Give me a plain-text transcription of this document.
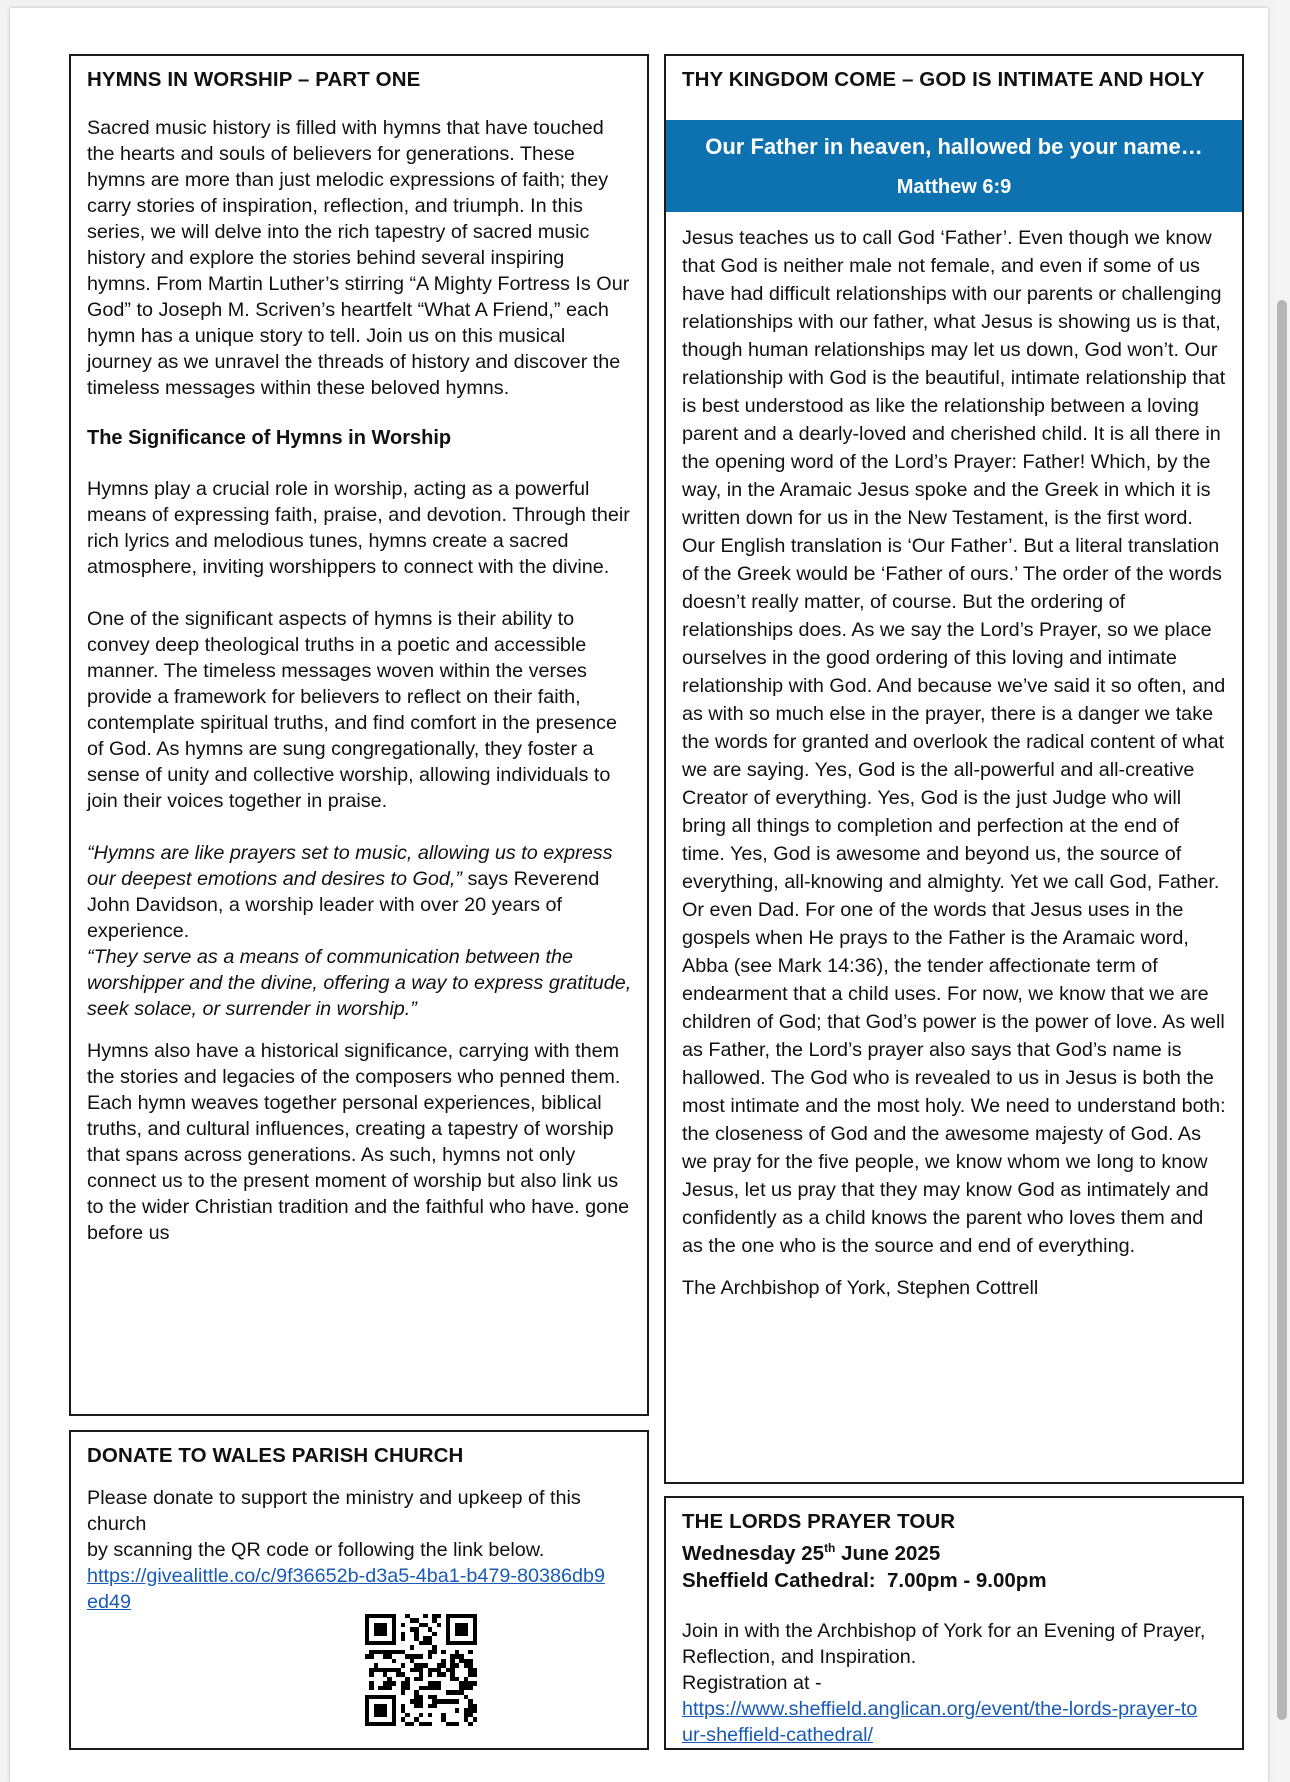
HYMNS IN WORSHIP – PART ONE

Sacred music history is filled with hymns that have touched the hearts and souls of believers for generations. These hymns are more than just melodic expressions of faith; they carry stories of inspiration, reflection, and triumph. In this series, we will delve into the rich tapestry of sacred music history and explore the stories behind several inspiring hymns. From Martin Luther’s stirring “A Mighty Fortress Is Our God” to Joseph M. Scriven’s heartfelt “What A Friend,” each hymn has a unique story to tell. Join us on this musical journey as we unravel the threads of history and discover the timeless messages within these beloved hymns.

The Significance of Hymns in Worship

Hymns play a crucial role in worship, acting as a powerful means of expressing faith, praise, and devotion. Through their rich lyrics and melodious tunes, hymns create a sacred atmosphere, inviting worshippers to connect with the divine.

One of the significant aspects of hymns is their ability to convey deep theological truths in a poetic and accessible manner. The timeless messages woven within the verses provide a framework for believers to reflect on their faith, contemplate spiritual truths, and find comfort in the presence of God. As hymns are sung congregationally, they foster a sense of unity and collective worship, allowing individuals to join their voices together in praise.

“Hymns are like prayers set to music, allowing us to express our deepest emotions and desires to God,” says Reverend John Davidson, a worship leader with over 20 years of experience.

“They serve as a means of communication between the worshipper and the divine, offering a way to express gratitude, seek solace, or surrender in worship.”

Hymns also have a historical significance, carrying with them the stories and legacies of the composers who penned them. Each hymn weaves together personal experiences, biblical truths, and cultural influences, creating a tapestry of worship that spans across generations. As such, hymns not only connect us to the present moment of worship but also link us to the wider Christian tradition and the faithful who have. gone before us

DONATE TO WALES PARISH CHURCH

Please donate to support the ministry and upkeep of this church

by scanning the QR code or following the link below.

https://givealittle.co/c/9f36652b-d3a5-4ba1-b479-80386db9ed49

THY KINGDOM COME – GOD IS INTIMATE AND HOLY
Our Father in heaven, hallowed be your name…
Matthew 6:9

Jesus teaches us to call God ‘Father’. Even though we know that God is neither male not female, and even if some of us have had difficult relationships with our parents or challenging relationships with our father, what Jesus is showing us is that, though human relationships may let us down, God won’t. Our relationship with God is the beautiful, intimate relationship that is best understood as like the relationship between a loving parent and a dearly-loved and cherished child. It is all there in the opening word of the Lord’s Prayer: Father! Which, by the way, in the Aramaic Jesus spoke and the Greek in which it is written down for us in the New Testament, is the first word. Our English translation is ‘Our Father’. But a literal translation of the Greek would be ‘Father of ours.’ The order of the words doesn’t really matter, of course. But the ordering of relationships does. As we say the Lord’s Prayer, so we place ourselves in the good ordering of this loving and intimate relationship with God. And because we’ve said it so often, and as with so much else in the prayer, there is a danger we take the words for granted and overlook the radical content of what we are saying. Yes, God is the all-powerful and all-creative Creator of everything. Yes, God is the just Judge who will bring all things to completion and perfection at the end of time. Yes, God is awesome and beyond us, the source of everything, all-knowing and almighty. Yet we call God, Father. Or even Dad. For one of the words that Jesus uses in the gospels when He prays to the Father is the Aramaic word, Abba (see Mark 14:36), the tender affectionate term of endearment that a child uses. For now, we know that we are children of God; that God’s power is the power of love. As well as Father, the Lord’s prayer also says that God’s name is hallowed. The God who is revealed to us in Jesus is both the most intimate and the most holy. We need to understand both: the closeness of God and the awesome majesty of God. As we pray for the five people, we know whom we long to know Jesus, let us pray that they may know God as intimately and confidently as a child knows the parent who loves them and as the one who is the source and end of everything.

The Archbishop of York, Stephen Cottrell

THE LORDS PRAYER TOUR

Wednesday 25th June 2025

Sheffield Cathedral:  7.00pm - 9.00pm

Join in with the Archbishop of York for an Evening of Prayer, Reflection, and Inspiration.

Registration at -

https://www.sheffield.anglican.org/event/the-lords-prayer-tour-sheffield-cathedral/
